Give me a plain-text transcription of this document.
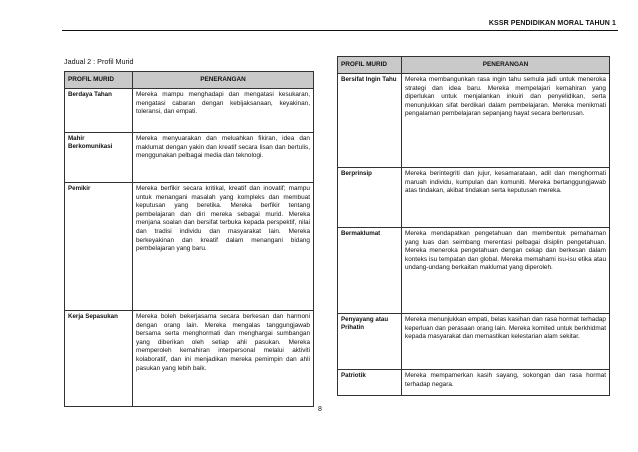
KSSR PENDIDIKAN MORAL TAHUN 1
Jadual 2 : Profil Murid
PROFIL MURID	PENERANGAN
Berdaya Tahan	Mereka mampu menghadapi dan mengatasi kesukaran, mengatasi cabaran dengan kebijaksanaan, keyakinan, toleransi, dan empati.
Mahir Berkomunikasi	Mereka menyuarakan dan meluahkan fikiran, idea dan maklumat dengan yakin dan kreatif secara lisan dan bertulis, menggunakan pelbagai media dan teknologi.
Pemikir	Mereka berfikir secara kritikal, kreatif dan inovatif; mampu untuk menangani masalah yang kompleks dan membuat keputusan yang beretika. Mereka berfikir tentang pembelajaran dan diri mereka sebagai murid. Mereka menjana soalan dan bersifat terbuka kepada perspektif, nilai dan tradisi individu dan masyarakat lain. Mereka berkeyakinan dan kreatif dalam menangani bidang pembelajaran yang baru.
Kerja Sepasukan	Mereka boleh bekerjasama secara berkesan dan harmoni dengan orang lain. Mereka mengalas tanggungjawab bersama serta menghormati dan menghargai sumbangan yang diberikan oleh setiap ahli pasukan. Mereka memperoleh kemahiran interpersonal melalui aktiviti kolaboratif, dan ini menjadikan mereka pemimpin dan ahli pasukan yang lebih baik.
PROFIL MURID	PENERANGAN
Bersifat Ingin Tahu	Mereka membangunkan rasa ingin tahu semula jadi untuk meneroka strategi dan idea baru. Mereka mempelajari kemahiran yang diperlukan untuk menjalankan inkuiri dan penyelidikan, serta menunjukkan sifat berdikari dalam pembelajaran. Mereka menikmati pengalaman pembelajaran sepanjang hayat secara berterusan.
Berprinsip	Mereka berintegriti dan jujur, kesamarataan, adil dan menghormati maruah individu, kumpulan dan komuniti. Mereka bertanggungjawab atas tindakan, akibat tindakan serta keputusan mereka.
Bermaklumat	Mereka mendapatkan pengetahuan dan membentuk pemahaman yang luas dan seimbang merentasi pelbagai disiplin pengetahuan. Mereka meneroka pengetahuan dengan cekap dan berkesan dalam konteks isu tempatan dan global. Mereka memahami isu-isu etika atau undang-undang berkaitan maklumat yang diperoleh.
Penyayang atau Prihatin	Mereka menunjukkan empati, belas kasihan dan rasa hormat terhadap keperluan dan perasaan orang lain. Mereka komited untuk berkhidmat kepada masyarakat dan memastikan kelestarian alam sekitar.
Patriotik	Mereka mempamerkan kasih sayang, sokongan dan rasa hormat terhadap negara.
8
